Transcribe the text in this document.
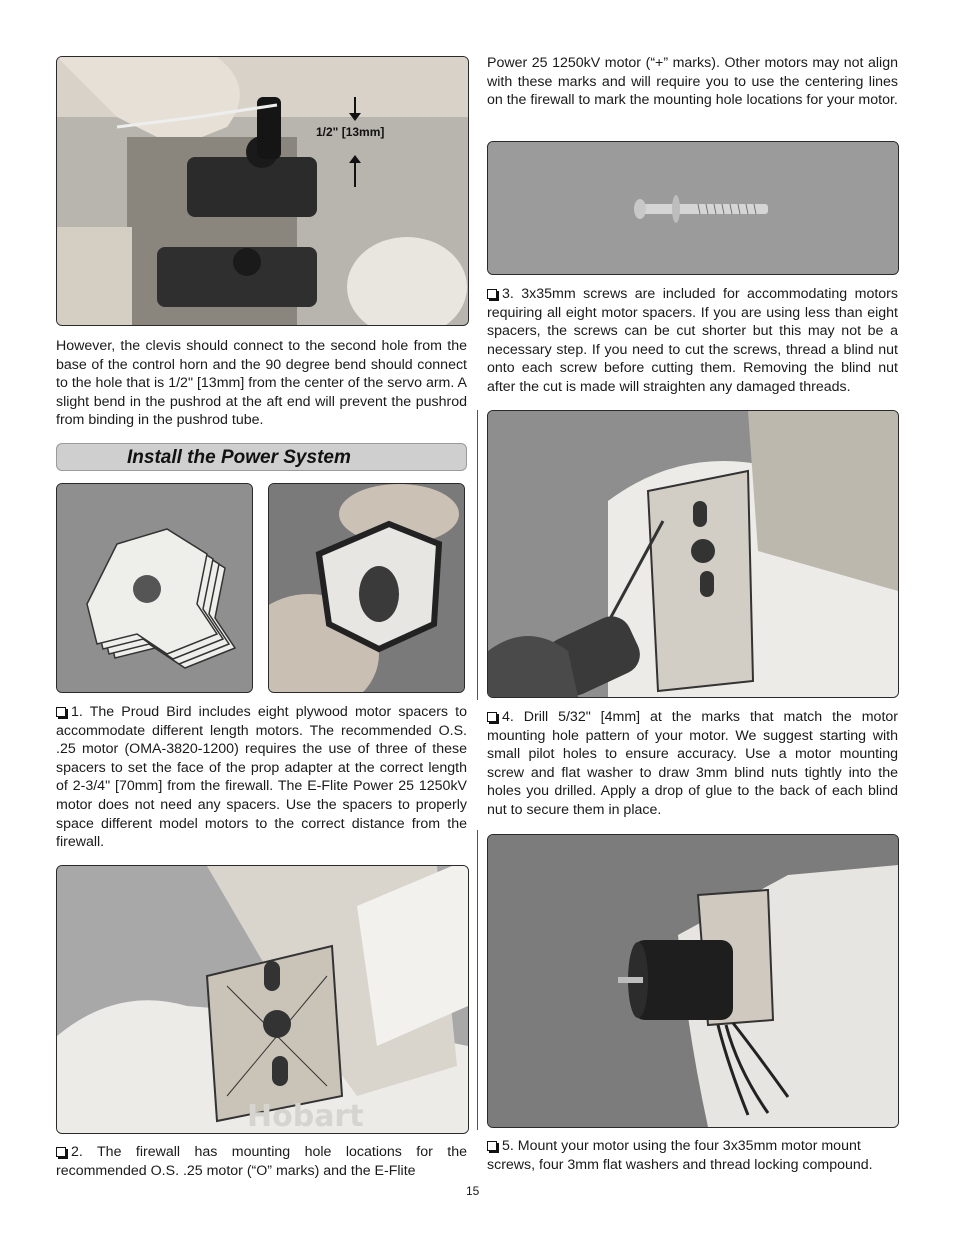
1/2" [13mm]
However, the clevis should connect to the second hole from the base of the control horn and the 90 degree bend should connect to the hole that is 1/2" [13mm] from the center of the servo arm. A slight bend in the pushrod at the aft end will prevent the pushrod from binding in the pushrod tube.
Install the Power System
1. The Proud Bird includes eight plywood motor spacers to accommodate different length motors. The recommended O.S. .25 motor (OMA-3820-1200) requires the use of three of these spacers to set the face of the prop adapter at the correct length of 2-3/4" [70mm] from the firewall. The E-Flite Power 25 1250kV motor does not need any spacers. Use the spacers to properly space different model motors to the correct distance from the firewall.
Hobart
2. The firewall has mounting hole locations for the recommended O.S. .25 motor (“O” marks) and the E-Flite
Power 25 1250kV motor (“+” marks). Other motors may not align with these marks and will require you to use the centering lines on the firewall to mark the mounting hole locations for your motor.
3. 3x35mm screws are included for accommodating motors requiring all eight motor spacers. If you are using less than eight spacers, the screws can be cut shorter but this may not be a necessary step. If you need to cut the screws, thread a blind nut onto each screw before cutting them. Removing the blind nut after the cut is made will straighten any damaged threads.
4. Drill 5/32" [4mm] at the marks that match the motor mounting hole pattern of your motor. We suggest starting with small pilot holes to ensure accuracy. Use a motor mounting screw and flat washer to draw 3mm blind nuts tightly into the holes you drilled. Apply a drop of glue to the back of each blind nut to secure them in place.
5. Mount your motor using the four 3x35mm motor mount screws, four 3mm flat washers and thread locking compound.
15
